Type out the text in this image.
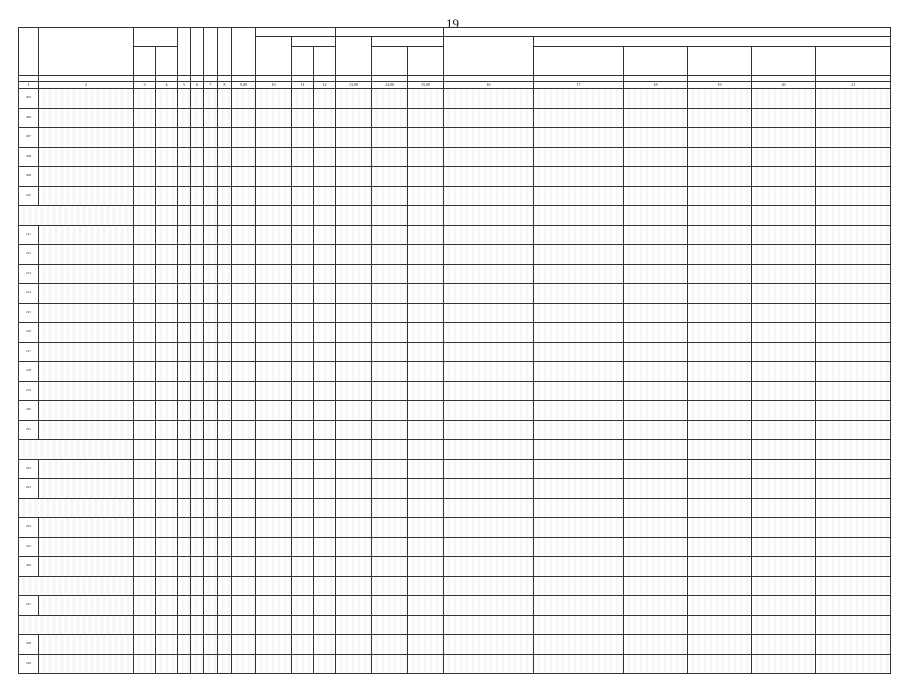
19

1	2	3	4	5	6	7	8	9,00	10	11	12	13,00	14,00	15,00	16	17	18	19	20	21
205																				
206																				
207																				
208																				
209																				
210																				

211																				
212																				
213																				
214																				
215																				
216																				
217																				
218																				
219																				
220																				
221																				

222																				
223																				

224																				
225																				
226																				

227																				

228																				
229																				
